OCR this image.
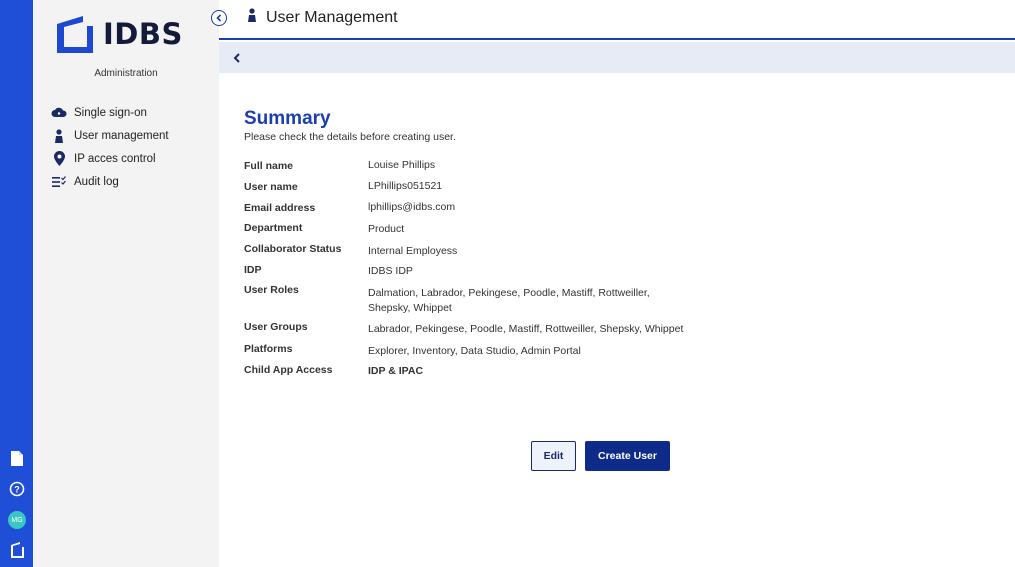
?
MG
IDBS
Administration
Single sign-on
User management
IP acces control
Audit log
User Management
Summary
Please check the details before creating user.
Full name	Louise Phillips
User name	LPhillips051521
Email address	lphillips@idbs.com
Department	Product
Collaborator Status	Internal Employess
IDP	IDBS IDP
User Roles	Dalmation, Labrador, Pekingese, Poodle, Mastiff, Rottweiller, Shepsky, Whippet
User Groups	Labrador, Pekingese, Poodle, Mastiff, Rottweiller, Shepsky, Whippet
Platforms	Explorer, Inventory, Data Studio, Admin Portal
Child App Access	IDP & IPAC
Edit	Create User
